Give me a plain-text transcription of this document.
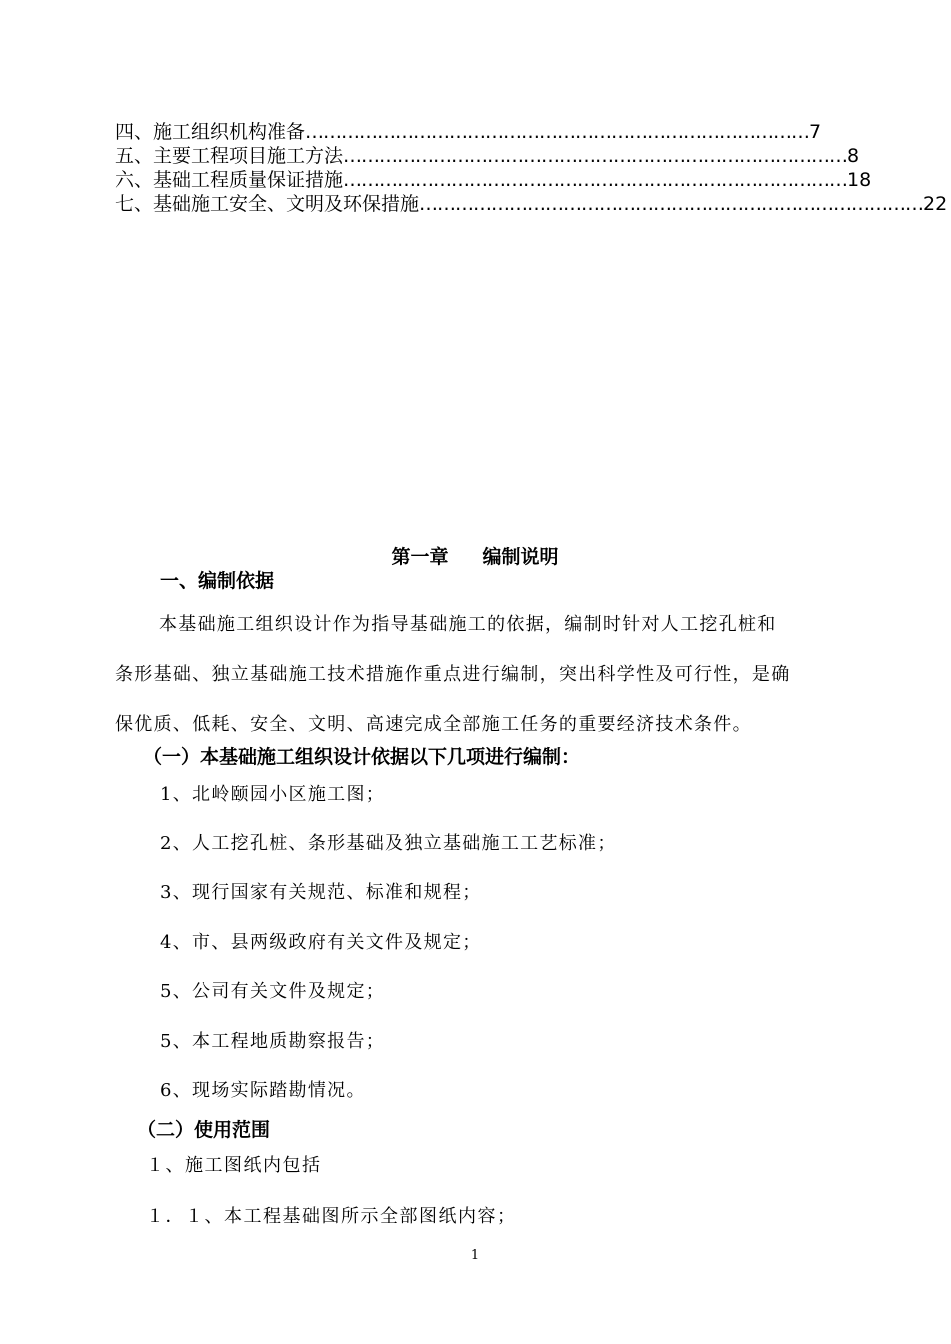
四、施工组织机构准备 ………………………………………………………………………… 7
五、主要工程项目施工方法 ………………………………………………………………………… 8
六、基础工程质量保证措施 ………………………………………………………………………… 18
七、基础施工安全、文明及环保措施 ………………………………………………………………………… 22
第一章 编制说明
一、编制依据
本基础施工组织设计作为指导基础施工的依据，编制时针对人工挖孔桩和
条形基础、独立基础施工技术措施作重点进行编制，突出科学性及可行性，是确
保优质、低耗、安全、文明、高速完成全部施工任务的重要经济技术条件。
（一）本基础施工组织设计依据以下几项进行编制：
1、北岭颐园小区施工图；
2、人工挖孔桩、条形基础及独立基础施工工艺标准；
3、现行国家有关规范、标准和规程；
4、市、县两级政府有关文件及规定；
5、公司有关文件及规定；
5、本工程地质勘察报告；
6、现场实际踏勘情况。
（二）使用范围
１、施工图纸内包括
１．１、本工程基础图所示全部图纸内容；
1
